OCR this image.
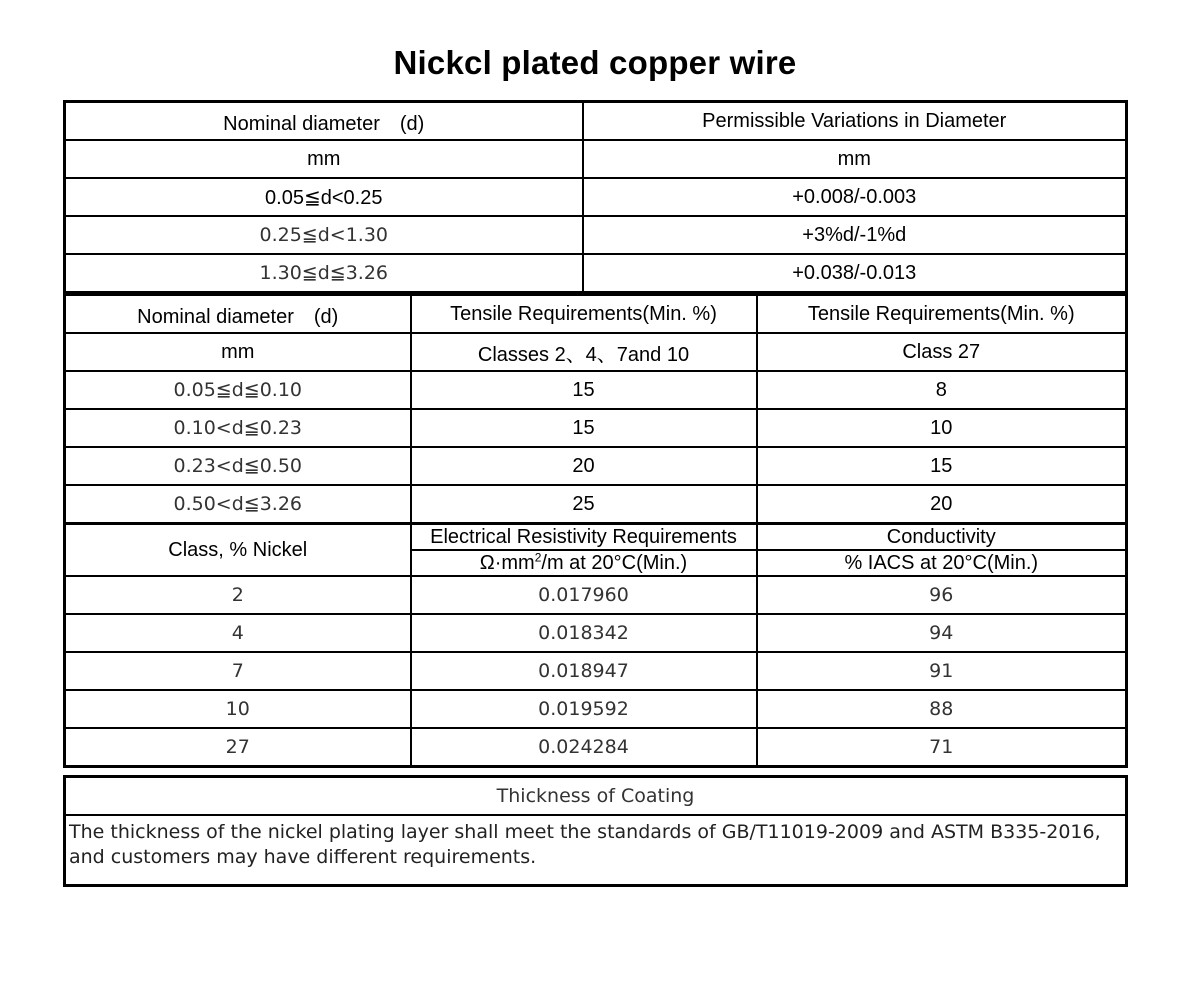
Nickcl plated copper wire
Nominal diameter　(d)	Permissible Variations in Diameter
mm	mm
0.05≦d<0.25	+0.008/-0.003
0.25≦d<1.30	+3%d/-1%d
1.30≦d≦3.26	+0.038/-0.013
Nominal diameter　(d)	Tensile Requirements(Min. %)	Tensile Requirements(Min. %)
mm	Classes 2、4、7and 10	Class 27
0.05≦d≦0.10	15	8
0.10<d≦0.23	15	10
0.23<d≦0.50	20	15
0.50<d≦3.26	25	20
Class, % Nickel	Electrical Resistivity Requirements	Conductivity
	$\Omega\cdot mm^2/m$ at 20°C(Min.)	% IACS at 20°C(Min.)
2	0.017960	96
4	0.018342	94
7	0.018947	91
10	0.019592	88
27	0.024284	71
Thickness of Coating
The thickness of the nickel plating layer shall meet the standards of GB/T11019-2009 and ASTM B335-2016, and customers may have different requirements.
